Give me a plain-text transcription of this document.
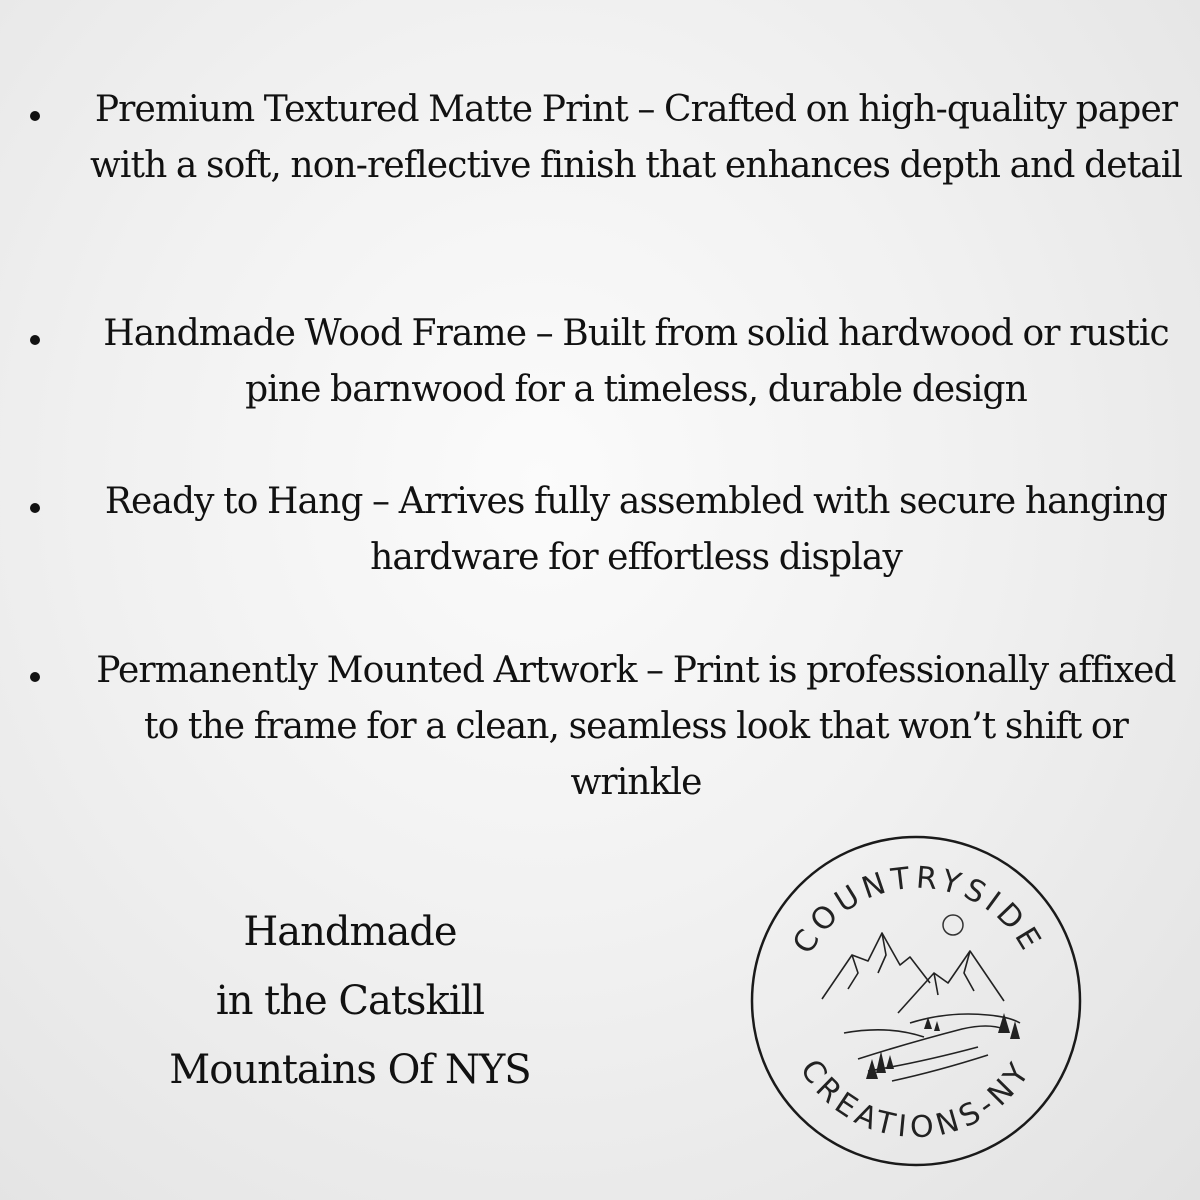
Premium Textured Matte Print – Crafted on high-quality paper with a soft, non-reflective finish that enhances depth and detail

Handmade Wood Frame – Built from solid hardwood or rustic pine barnwood for a timeless, durable design

Ready to Hang – Arrives fully assembled with secure hanging hardware for effortless display

Permanently Mounted Artwork – Print is professionally affixed to the frame for a clean, seamless look that won’t shift or wrinkle

Handmade
in the Catskill
Mountains Of NYS
COUNTRYSIDE
CREATIONS-NY
